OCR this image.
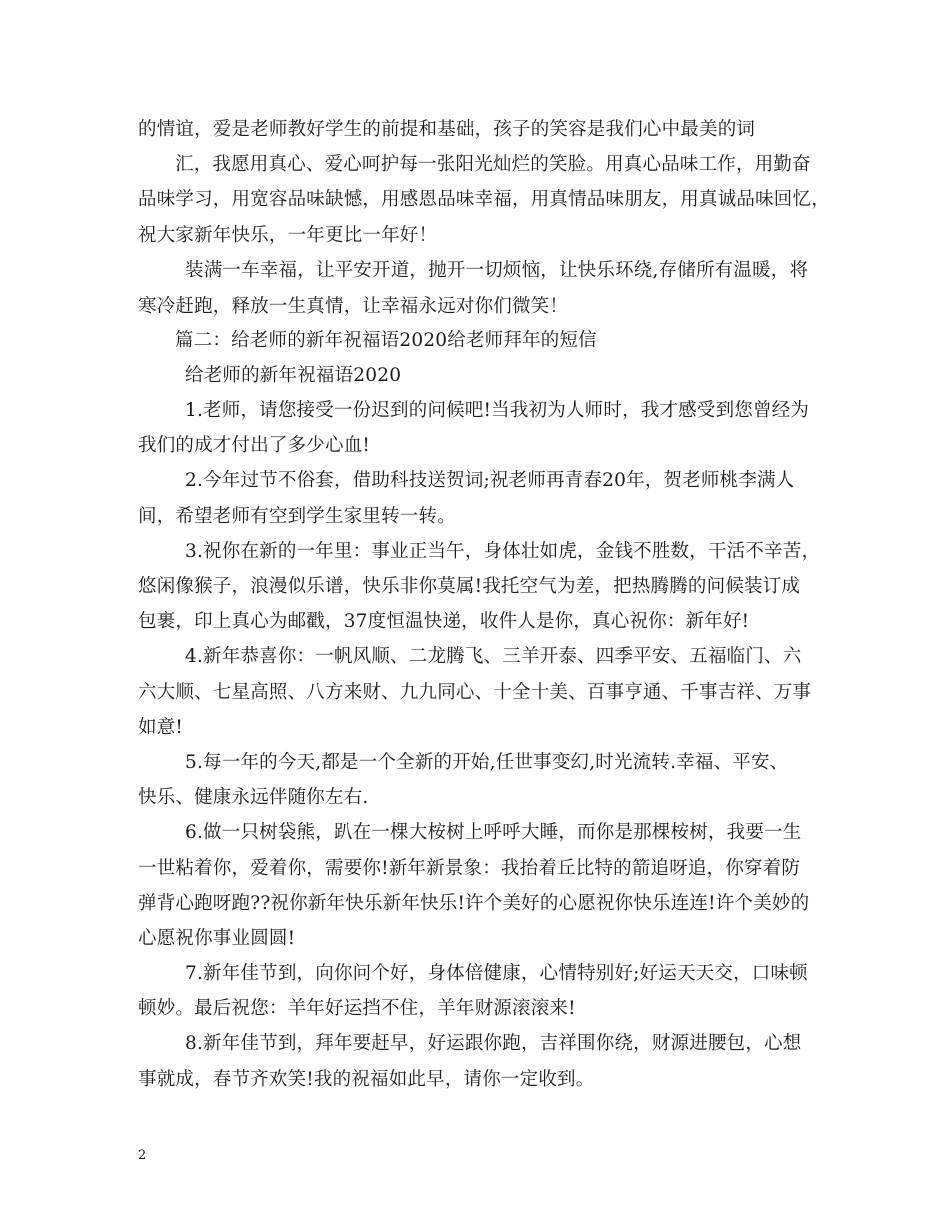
的情谊，爱是老师教好学生的前提和基础，孩子的笑容是我们心中最美的词
汇，我愿用真心、爱心呵护每一张阳光灿烂的笑脸。用真心品味工作，用勤奋
品味学习，用宽容品味缺憾，用感恩品味幸福，用真情品味朋友，用真诚品味回忆，
祝大家新年快乐，一年更比一年好！
装满一车幸福，让平安开道，抛开一切烦恼，让快乐环绕,存储所有温暖，将
寒冷赶跑，释放一生真情，让幸福永远对你们微笑！
篇二：给老师的新年祝福语2020给老师拜年的短信
给老师的新年祝福语2020
1.老师，请您接受一份迟到的问候吧!当我初为人师时，我才感受到您曾经为
我们的成才付出了多少心血!
2.今年过节不俗套，借助科技送贺词;祝老师再青春20年，贺老师桃李满人
间，希望老师有空到学生家里转一转。
3.祝你在新的一年里：事业正当午，身体壮如虎，金钱不胜数，干活不辛苦，
悠闲像猴子，浪漫似乐谱，快乐非你莫属!我托空气为差，把热腾腾的问候装订成
包裹，印上真心为邮戳，37度恒温快递，收件人是你，真心祝你：新年好!
4.新年恭喜你：一帆风顺、二龙腾飞、三羊开泰、四季平安、五福临门、六
六大顺、七星高照、八方来财、九九同心、十全十美、百事亨通、千事吉祥、万事
如意!
5.每一年的今天,都是一个全新的开始,任世事变幻,时光流转.幸福、平安、
快乐、健康永远伴随你左右.
6.做一只树袋熊，趴在一棵大桉树上呼呼大睡，而你是那棵桉树，我要一生
一世粘着你，爱着你，需要你!新年新景象：我抬着丘比特的箭追呀追，你穿着防
弹背心跑呀跑??祝你新年快乐新年快乐!许个美好的心愿祝你快乐连连!许个美妙的
心愿祝你事业圆圆!
7.新年佳节到，向你问个好，身体倍健康，心情特别好;好运天天交，口味顿
顿妙。最后祝您：羊年好运挡不住，羊年财源滚滚来!
8.新年佳节到，拜年要赶早，好运跟你跑，吉祥围你绕，财源进腰包，心想
事就成，春节齐欢笑!我的祝福如此早，请你一定收到。
2
